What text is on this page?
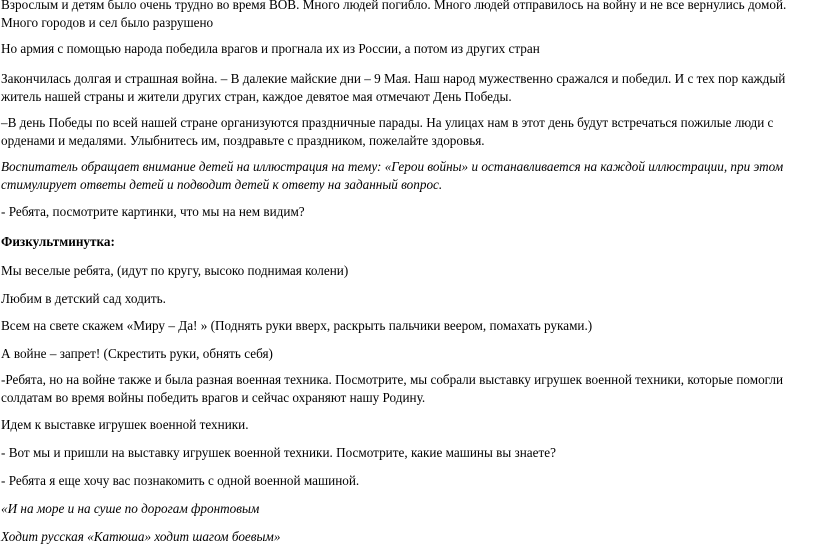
Взрослым и детям было очень трудно во время ВОВ. Много людей погибло. Много людей отправилось на войну и не все вернулись домой. Много городов и сел было разрушено

Но армия с помощью народа победила врагов и прогнала их из России, а потом из других стран

Закончилась долгая и страшная война. – В далекие майские дни – 9 Мая. Наш народ мужественно сражался и победил. И с тех пор каждый житель нашей страны и жители других стран, каждое девятое мая отмечают День Победы.

–В день Победы по всей нашей стране организуются праздничные парады. На улицах нам в этот день будут встречаться пожилые люди с орденами и медалями. Улыбнитесь им, поздравьте с праздником, пожелайте здоровья.

Воспитатель обращает внимание детей на иллюстрация на тему: «Герои войны» и останавливается на каждой иллюстрации, при этом стимулирует ответы детей и подводит детей к ответу на заданный вопрос.

- Ребята, посмотрите картинки, что мы на нем видим?

Физкультминутка:

Мы веселые ребята, (идут по кругу, высоко поднимая колени)

Любим в детский сад ходить.

Всем на свете скажем «Миру – Да! » (Поднять руки вверх, раскрыть пальчики веером, помахать руками.)

А войне – запрет! (Скрестить руки, обнять себя)

-Ребята, но на войне также и была разная военная техника. Посмотрите, мы собрали выставку игрушек военной техники, которые помогли солдатам во время войны победить врагов и сейчас охраняют нашу Родину.

Идем к выставке игрушек военной техники.

- Вот мы и пришли на выставку игрушек военной техники. Посмотрите, какие машины вы знаете?

- Ребята я еще хочу вас познакомить с одной военной машиной.

«И на море и на суше по дорогам фронтовым

Ходит русская «Катюша» ходит шагом боевым»
